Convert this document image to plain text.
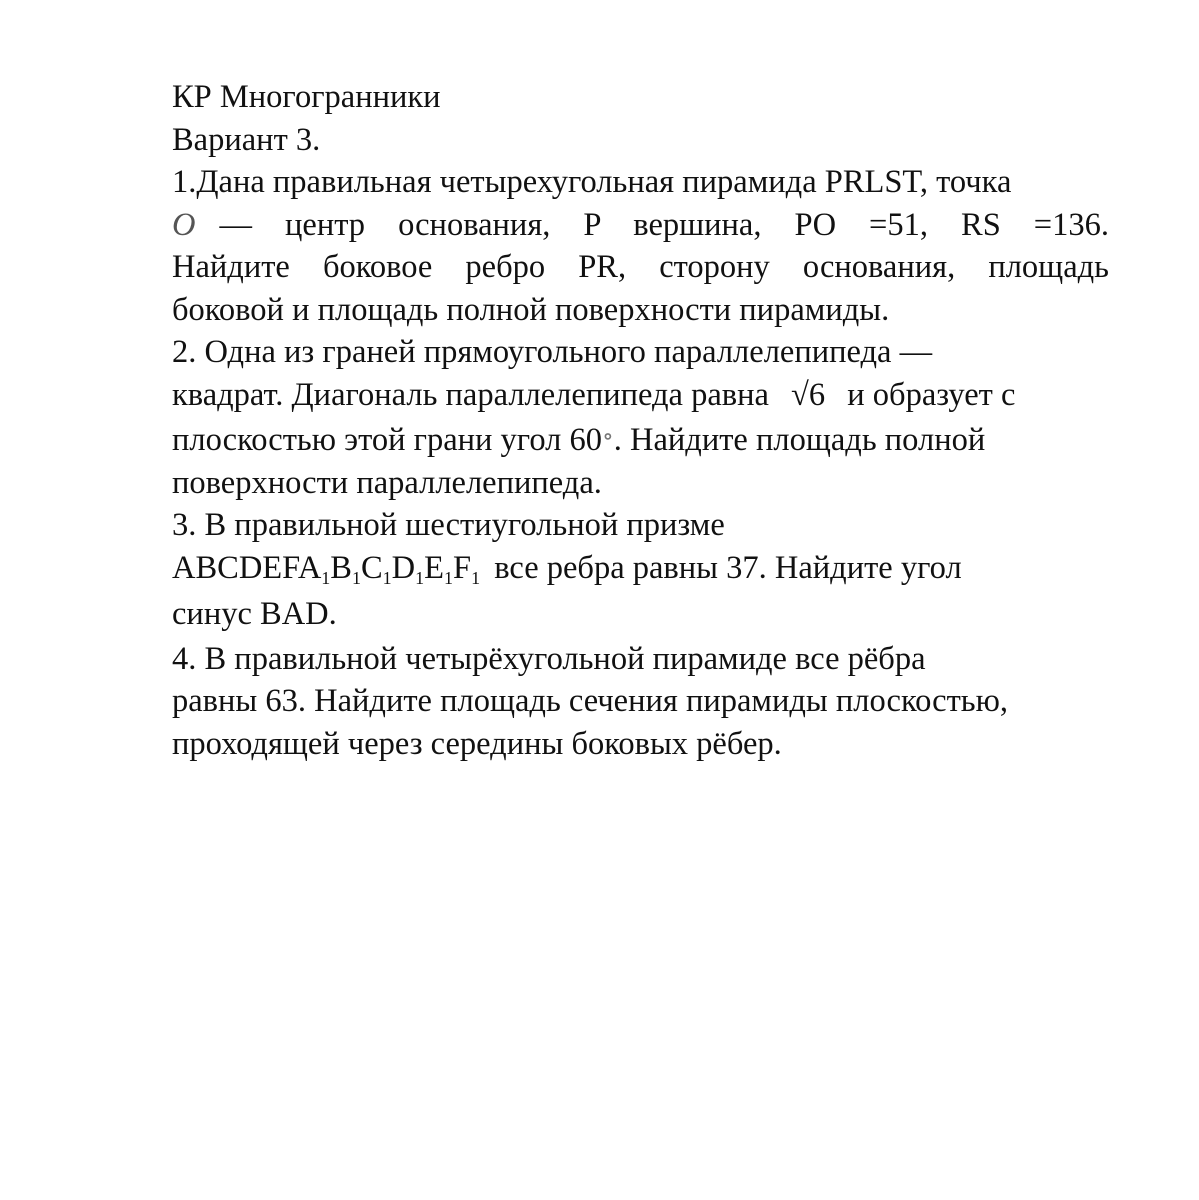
КР Многогранники
Вариант 3.
1.Дана правильная четырехугольная пирамида PRLST, точка
O — центр основания, P вершина, PO =51, RS =136.
Найдите боковое ребро PR, сторону основания, площадь
боковой и площадь полной поверхности пирамиды.
2. Одна из граней прямоугольного параллелепипеда —
квадрат. Диагональ параллелепипеда равна √6 и образует с
плоскостью этой грани угол 60∘. Найдите площадь полной
поверхности параллелепипеда.
3. В правильной шестиугольной призме
$ABCDEFA_1B_1C_1D_1E_1F_1$ все ребра равны 37. Найдите угол
синус BAD.
4. В правильной четырёхугольной пирамиде все рёбра
равны 63. Найдите площадь сечения пирамиды плоскостью,
проходящей через середины боковых рёбер.
